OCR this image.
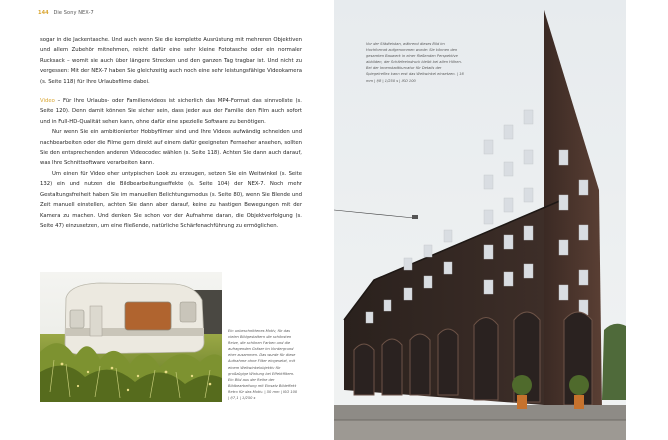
144 Die Sony NEX-7

sogar in die Jackentasche. Und auch wenn Sie die komplette Ausrüstung mit mehreren Objektiven und allem Zubehör mitnehmen, reicht dafür eine sehr kleine Fototasche oder ein normaler Rucksack – womit sie auch über längere Strecken und den ganzen Tag tragbar ist. Und nicht zu vergessen: Mit der NEX-7 haben Sie gleichzeitig auch noch eine sehr leistungsfähige Videokamera (s. Seite 118) für Ihre Urlaubsfilme dabei.

Video – Für Ihre Urlaubs- oder Familienvideos ist sicherlich das MP4-Format das sinnvollste (s. Seite 120). Denn damit können Sie sicher sein, dass jeder aus der Familie den Film auch sofort und in Full-HD-Qualität sehen kann, ohne dafür eine spezielle Software zu benötigen.

Nur wenn Sie ein ambitionierter Hobbyfilmer sind und Ihre Videos aufwändig schneiden und nachbearbeiten oder die Filme gern direkt auf einem dafür geeigneten Fernseher ansehen, sollten Sie den entsprechenden anderen Videocodec wählen (s. Seite 118). Achten Sie dann auch darauf, was Ihre Schnittsoftware verarbeiten kann.

Um einen für Video eher untypischen Look zu erzeugen, setzen Sie ein Weitwinkel (s. Seite 132) ein und nutzen die Bildbearbeitungseffekte (s. Seite 104) der NEX-7. Noch mehr Gestaltungsfreiheit haben Sie im manuellen Belichtungsmodus (s. Seite 80), wenn Sie Blende und Zeit manuell einstellen, achten Sie dann aber darauf, keine zu hastigen Bewegungen mit der Kamera zu machen. Und denken Sie schon vor der Aufnahme daran, die Objektverfolgung (s. Seite 47) einzusetzen, um eine fließende, natürliche Schärfenachführung zu ermöglichen.

Ein unbeschnittenes Motiv, für das vielen Bildgestaltern die schönsten Reize, die schönen Farben und die aufragenden Gräser im Vordergrund eher zusammen. Das wurde für diese Aufnahme ohne Filter eingesetzt, mit einem Weitwinkelobjektiv für großzügige Wirkung bei Effektfiltern. Ein Bild aus der Reihe der Bildbearbeitung mit Einsatz Bildeffekt Retro für das Motiv. | 50 mm | ISO 100 | f/7,1 | 1/250 s
Vor der Städteistan, während dieses Bild im Hochformat aufgenommen wurde: Sie können den gesamten Bauwerk in einer fließenden Perspektive abbilden, der Schärfeeindruck bleibt bei allen Höhen. Bei der Innenstadtkurvatur für Details der Spiegelreflex kann erst das Weitwinkel einsetzen. | 16 mm | f/8 | 1/250 s | ISO 100
